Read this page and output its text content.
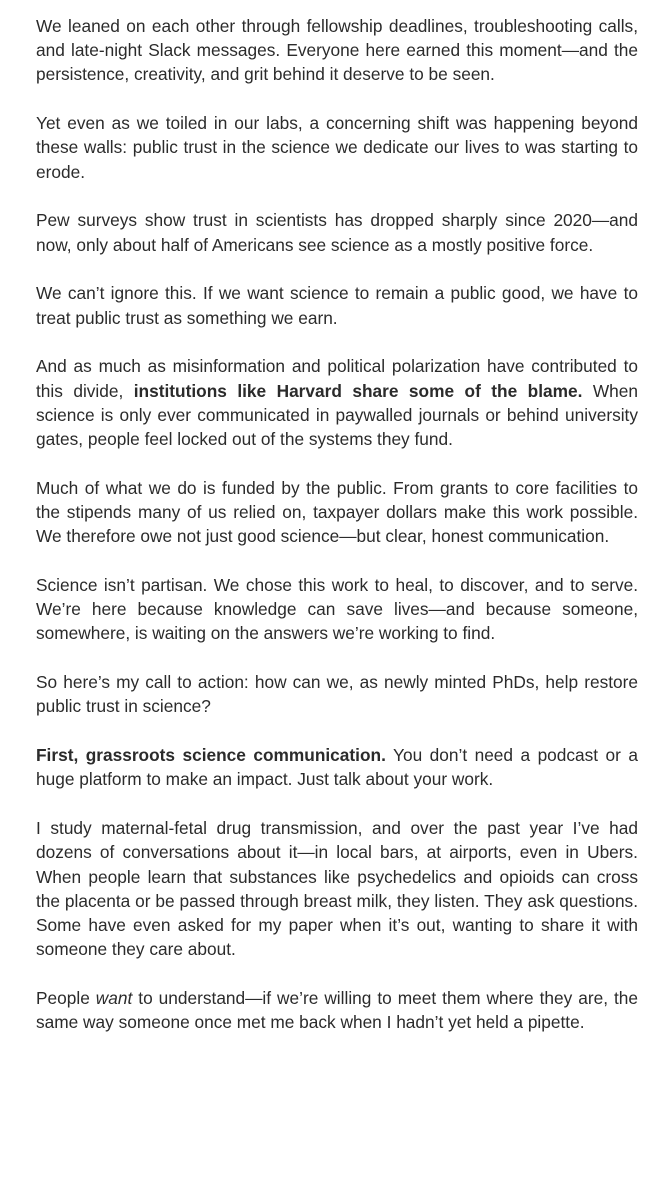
We leaned on each other through fellowship deadlines, troubleshooting calls, and late-night Slack messages. Everyone here earned this moment—and the persistence, creativity, and grit behind it deserve to be seen.

Yet even as we toiled in our labs, a concerning shift was happening beyond these walls: public trust in the science we dedicate our lives to was starting to erode.

Pew surveys show trust in scientists has dropped sharply since 2020—and now, only about half of Americans see science as a mostly positive force.

We can’t ignore this. If we want science to remain a public good, we have to treat public trust as something we earn.

And as much as misinformation and political polarization have contributed to this divide, institutions like Harvard share some of the blame. When science is only ever communicated in paywalled journals or behind university gates, people feel locked out of the systems they fund.

Much of what we do is funded by the public. From grants to core facilities to the stipends many of us relied on, taxpayer dollars make this work possible. We therefore owe not just good science—but clear, honest communication.

Science isn’t partisan. We chose this work to heal, to discover, and to serve. We’re here because knowledge can save lives—and because someone, somewhere, is waiting on the answers we’re working to find.

So here’s my call to action: how can we, as newly minted PhDs, help restore public trust in science?

First, grassroots science communication. You don’t need a podcast or a huge platform to make an impact. Just talk about your work.

I study maternal-fetal drug transmission, and over the past year I’ve had dozens of conversations about it—in local bars, at airports, even in Ubers. When people learn that substances like psychedelics and opioids can cross the placenta or be passed through breast milk, they listen. They ask questions. Some have even asked for my paper when it’s out, wanting to share it with someone they care about.

People want to understand—if we’re willing to meet them where they are, the same way someone once met me back when I hadn’t yet held a pipette.
